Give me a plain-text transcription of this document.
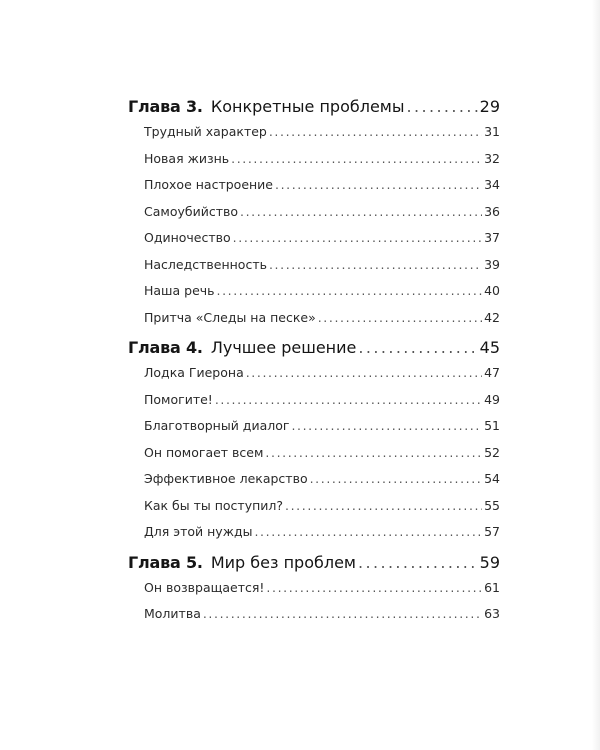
Глава 3. Конкретные проблемы .....	29
Трудный характер .....	31
Новая жизнь .....	32
Плохое настроение .....	34
Самоубийство .....	36
Одиночество .....	37
Наследственность .....	39
Наша речь .....	40
Притча «Следы на песке» .....	42
Глава 4. Лучшее решение .....	45
Лодка Гиерона .....	47
Помогите! .....	49
Благотворный диалог .....	51
Он помогает всем .....	52
Эффективное лекарство .....	54
Как бы ты поступил? .....	55
Для этой нужды .....	57
Глава 5. Мир без проблем .....	59
Он возвращается! .....	61
Молитва .....	63
